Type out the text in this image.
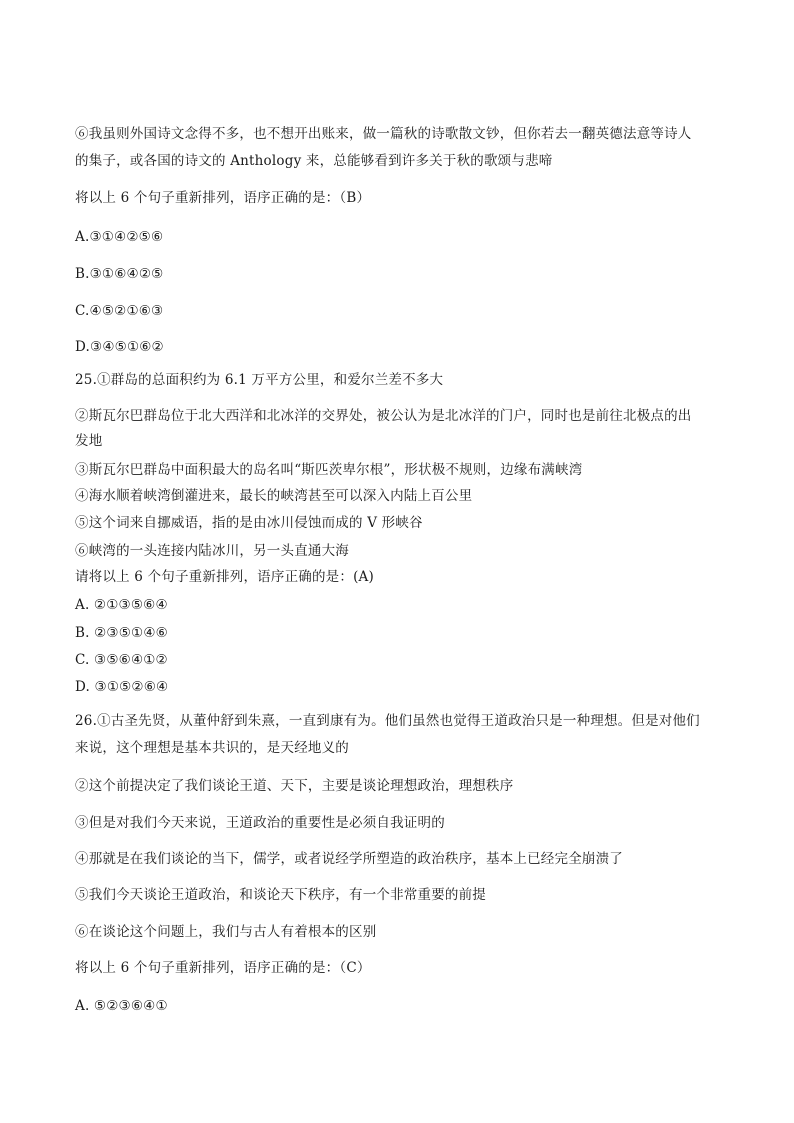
⑥我虽则外国诗文念得不多，也不想开出账来，做一篇秋的诗歌散文钞，但你若去一翻英德法意等诗人
的集子，或各国的诗文的 Anthology 来，总能够看到许多关于秋的歌颂与悲啼
将以上 6 个句子重新排列，语序正确的是：（B）
A.③①④②⑤⑥
B.③①⑥④②⑤
C.④⑤②①⑥③
D.③④⑤①⑥②
25.①群岛的总面积约为 6.1 万平方公里，和爱尔兰差不多大
②斯瓦尔巴群岛位于北大西洋和北冰洋的交界处，被公认为是北冰洋的门户，同时也是前往北极点的出
发地
③斯瓦尔巴群岛中面积最大的岛名叫“斯匹茨卑尔根”，形状极不规则，边缘布满峡湾
④海水顺着峡湾倒灌进来，最长的峡湾甚至可以深入内陆上百公里
⑤这个词来自挪威语，指的是由冰川侵蚀而成的 V 形峡谷
⑥峡湾的一头连接内陆冰川，另一头直通大海
请将以上 6 个句子重新排列，语序正确的是：(A)
A. ②①③⑤⑥④
B. ②③⑤①④⑥
C. ③⑤⑥④①②
D. ③①⑤②⑥④
26.①古圣先贤，从董仲舒到朱熹，一直到康有为。他们虽然也觉得王道政治只是一种理想。但是对他们
来说，这个理想是基本共识的，是天经地义的
②这个前提决定了我们谈论王道、天下，主要是谈论理想政治，理想秩序
③但是对我们今天来说，王道政治的重要性是必须自我证明的
④那就是在我们谈论的当下，儒学，或者说经学所塑造的政治秩序，基本上已经完全崩溃了
⑤我们今天谈论王道政治，和谈论天下秩序，有一个非常重要的前提
⑥在谈论这个问题上，我们与古人有着根本的区别
将以上 6 个句子重新排列，语序正确的是：（C）
A. ⑤②③⑥④①
